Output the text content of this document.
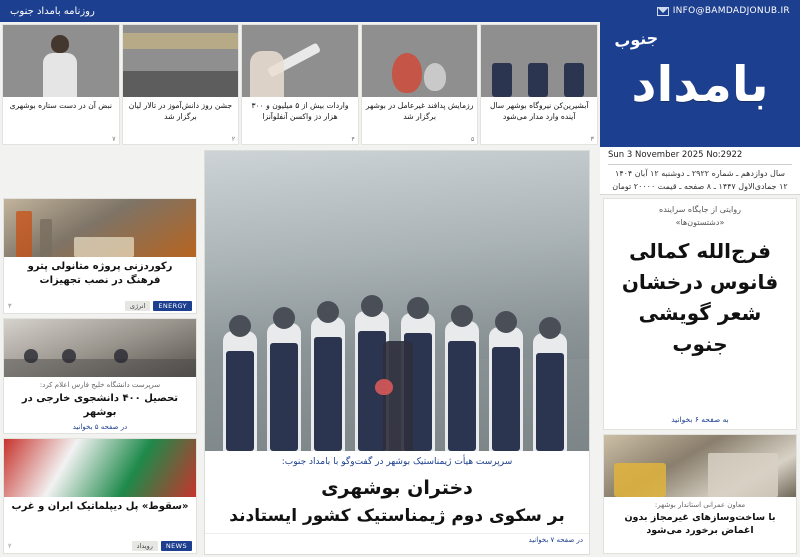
INFO@BAMDADJONUB.IR
روزنامه بامداد جنوب
جنوب
بامداد
Sun 3 November 2025 No:2922
سال دوازدهم ـ شماره ۲۹۲۲ ـ دوشنبه ۱۲ آبان ۱۴۰۴
۱۲ جمادی‌الاول ۱۴۴۷ ـ ۸ صفحه ـ قیمت ۲۰۰۰۰ تومان
آبشیرین‌کن نیروگاه بوشهر سال آینده وارد مدار می‌شود
۳
رزمایش پدافند غیرعامل در بوشهر برگزار شد
۵
واردات بیش از ۵ میلیون و ۳۰۰ هزار دز واکسن آنفلوآنزا
۴
جشن روز دانش‌آموز در تالار لیان برگزار شد
۲
نبض آن در دست ستاره بوشهری
۷
رکوردزنی پروژه متانولی پترو فرهنگ در نصب تجهیزات
ENERGY
انرژی
۳
سرپرست دانشگاه خلیج فارس اعلام کرد:
تحصیل ۴۰۰ دانشجوی خارجی در بوشهر
در صفحه ۵ بخوانید
«سقوط» پل دیپلماتیک ایران و غرب
NEWS
رویداد
۲
سرپرست هیأت ژیمناستیک بوشهر در گفت‌وگو با بامداد جنوب:
دختران بوشهری
بر سکوی دوم ژیمناستیک کشور ایستادند
در صفحه ۷ بخوانید
روایتی از جایگاه سراینده
«دشتستون‌ها»
فرج‌الله کمالی فانوس درخشان شعر گویشی جنوب
به صفحه ۶ بخوانید
معاون عمرانی استاندار بوشهر:
با ساخت‌وسازهای غیرمجاز بدون اغماض برخورد می‌شود
